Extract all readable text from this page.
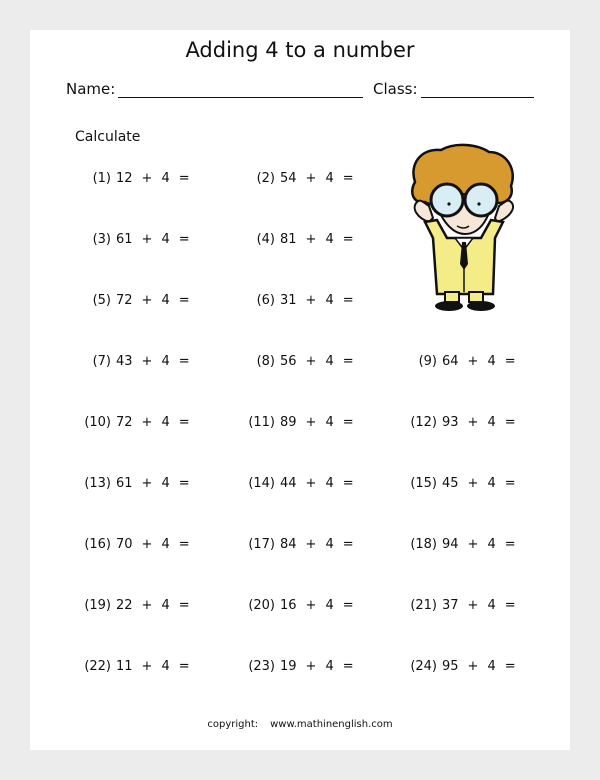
Adding 4 to a number
Name:	Class:
Calculate
(1) 12 + 4 =	(2) 54 + 4 =
(3) 61 + 4 =	(4) 81 + 4 =
(5) 72 + 4 =	(6) 31 + 4 =
(7) 43 + 4 =	(8) 56 + 4 =	(9) 64 + 4 =
(10) 72 + 4 =	(11) 89 + 4 =	(12) 93 + 4 =
(13) 61 + 4 =	(14) 44 + 4 =	(15) 45 + 4 =
(16) 70 + 4 =	(17) 84 + 4 =	(18) 94 + 4 =
(19) 22 + 4 =	(20) 16 + 4 =	(21) 37 + 4 =
(22) 11 + 4 =	(23) 19 + 4 =	(24) 95 + 4 =
copyright: www.mathinenglish.com
